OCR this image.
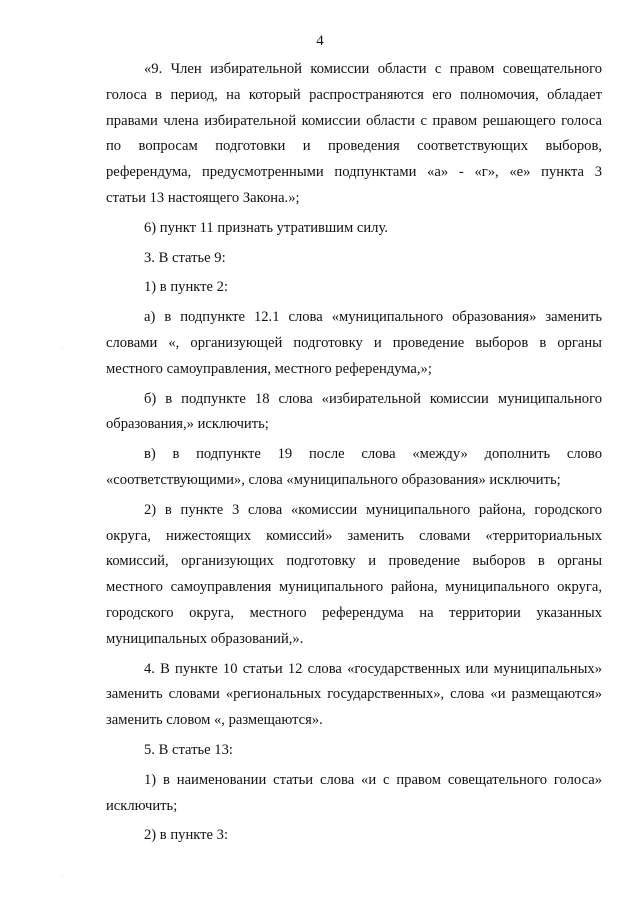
4
«9. Член избирательной комиссии области с правом совещательного
голоса в период, на который распространяются его полномочия, обладает
правами члена избирательной комиссии области с правом решающего голоса
по вопросам подготовки и проведения соответствующих выборов,
референдума, предусмотренными подпунктами «а» - «г», «е» пункта 3
статьи 13 настоящего Закона.»;
6) пункт 11 признать утратившим силу.
3. В статье 9:
1) в пункте 2:
а) в подпункте 12.1 слова «муниципального образования» заменить
словами «, организующей подготовку и проведение выборов в органы
местного самоуправления, местного референдума,»;
б) в подпункте 18 слова «избирательной комиссии муниципального
образования,» исключить;
в) в подпункте 19 после слова «между» дополнить слово
«соответствующими», слова «муниципального образования» исключить;
2) в пункте 3 слова «комиссии муниципального района, городского
округа, нижестоящих комиссий» заменить словами «территориальных
комиссий, организующих подготовку и проведение выборов в органы
местного самоуправления муниципального района, муниципального округа,
городского округа, местного референдума на территории указанных
муниципальных образований,».
4. В пункте 10 статьи 12 слова «государственных или муниципальных»
заменить словами «региональных государственных», слова «и размещаются»
заменить словом «, размещаются».
5. В статье 13:
1) в наименовании статьи слова «и с правом совещательного голоса»
исключить;
2) в пункте 3:
